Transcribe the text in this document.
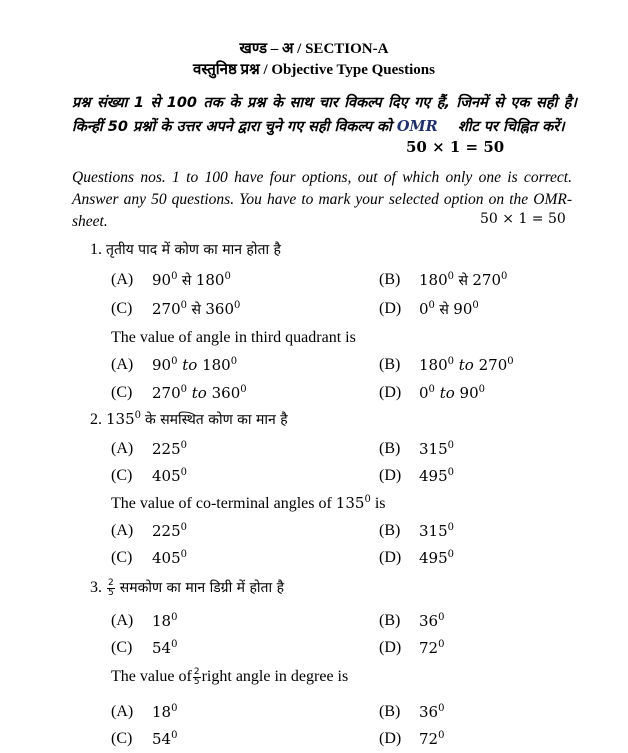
खण्ड – अ / SECTION-A
वस्तुनिष्ठ प्रश्न / Objective Type Questions
प्रश्न संख्या 1 से 100 तक के प्रश्न के साथ चार विकल्प दिए गए हैं, जिनमें से एक सही है। किन्हीं 50 प्रश्नों के उत्तर अपने द्वारा चुने गए सही विकल्प को OMR शीट पर चिह्नित करें।
50 × 1 = 50
Questions nos. 1 to 100 have four options, out of which only one is correct. Answer any 50 questions. You have to mark your selected option on the OMR-sheet.	50 × 1 = 50
1. तृतीय पाद में कोण का मान होता है
(A) $90^0$ से $180^0$	(B) $180^0$ से $270^0$
(C) $270^0$ से $360^0$	(D) $0^0$ से $90^0$
The value of angle in third quadrant is
(A) $90^0$ to $180^0$	(B) $180^0$ to $270^0$
(C) $270^0$ to $360^0$	(D) $0^0$ to $90^0$
2. $135^0$ के समस्थित कोण का मान है
(A) $225^0$	(B) $315^0$
(C) $405^0$	(D) $495^0$
The value of co-terminal angles of $135^0$ is
(A) $225^0$	(B) $315^0$
(C) $405^0$	(D) $495^0$
3. $\frac{2}{5}$ समकोण का मान डिग्री में होता है
(A) $18^0$	(B) $36^0$
(C) $54^0$	(D) $72^0$
The value of $\frac{2}{5}$ right angle in degree is
(A) $18^0$	(B) $36^0$
(C) $54^0$	(D) $72^0$
